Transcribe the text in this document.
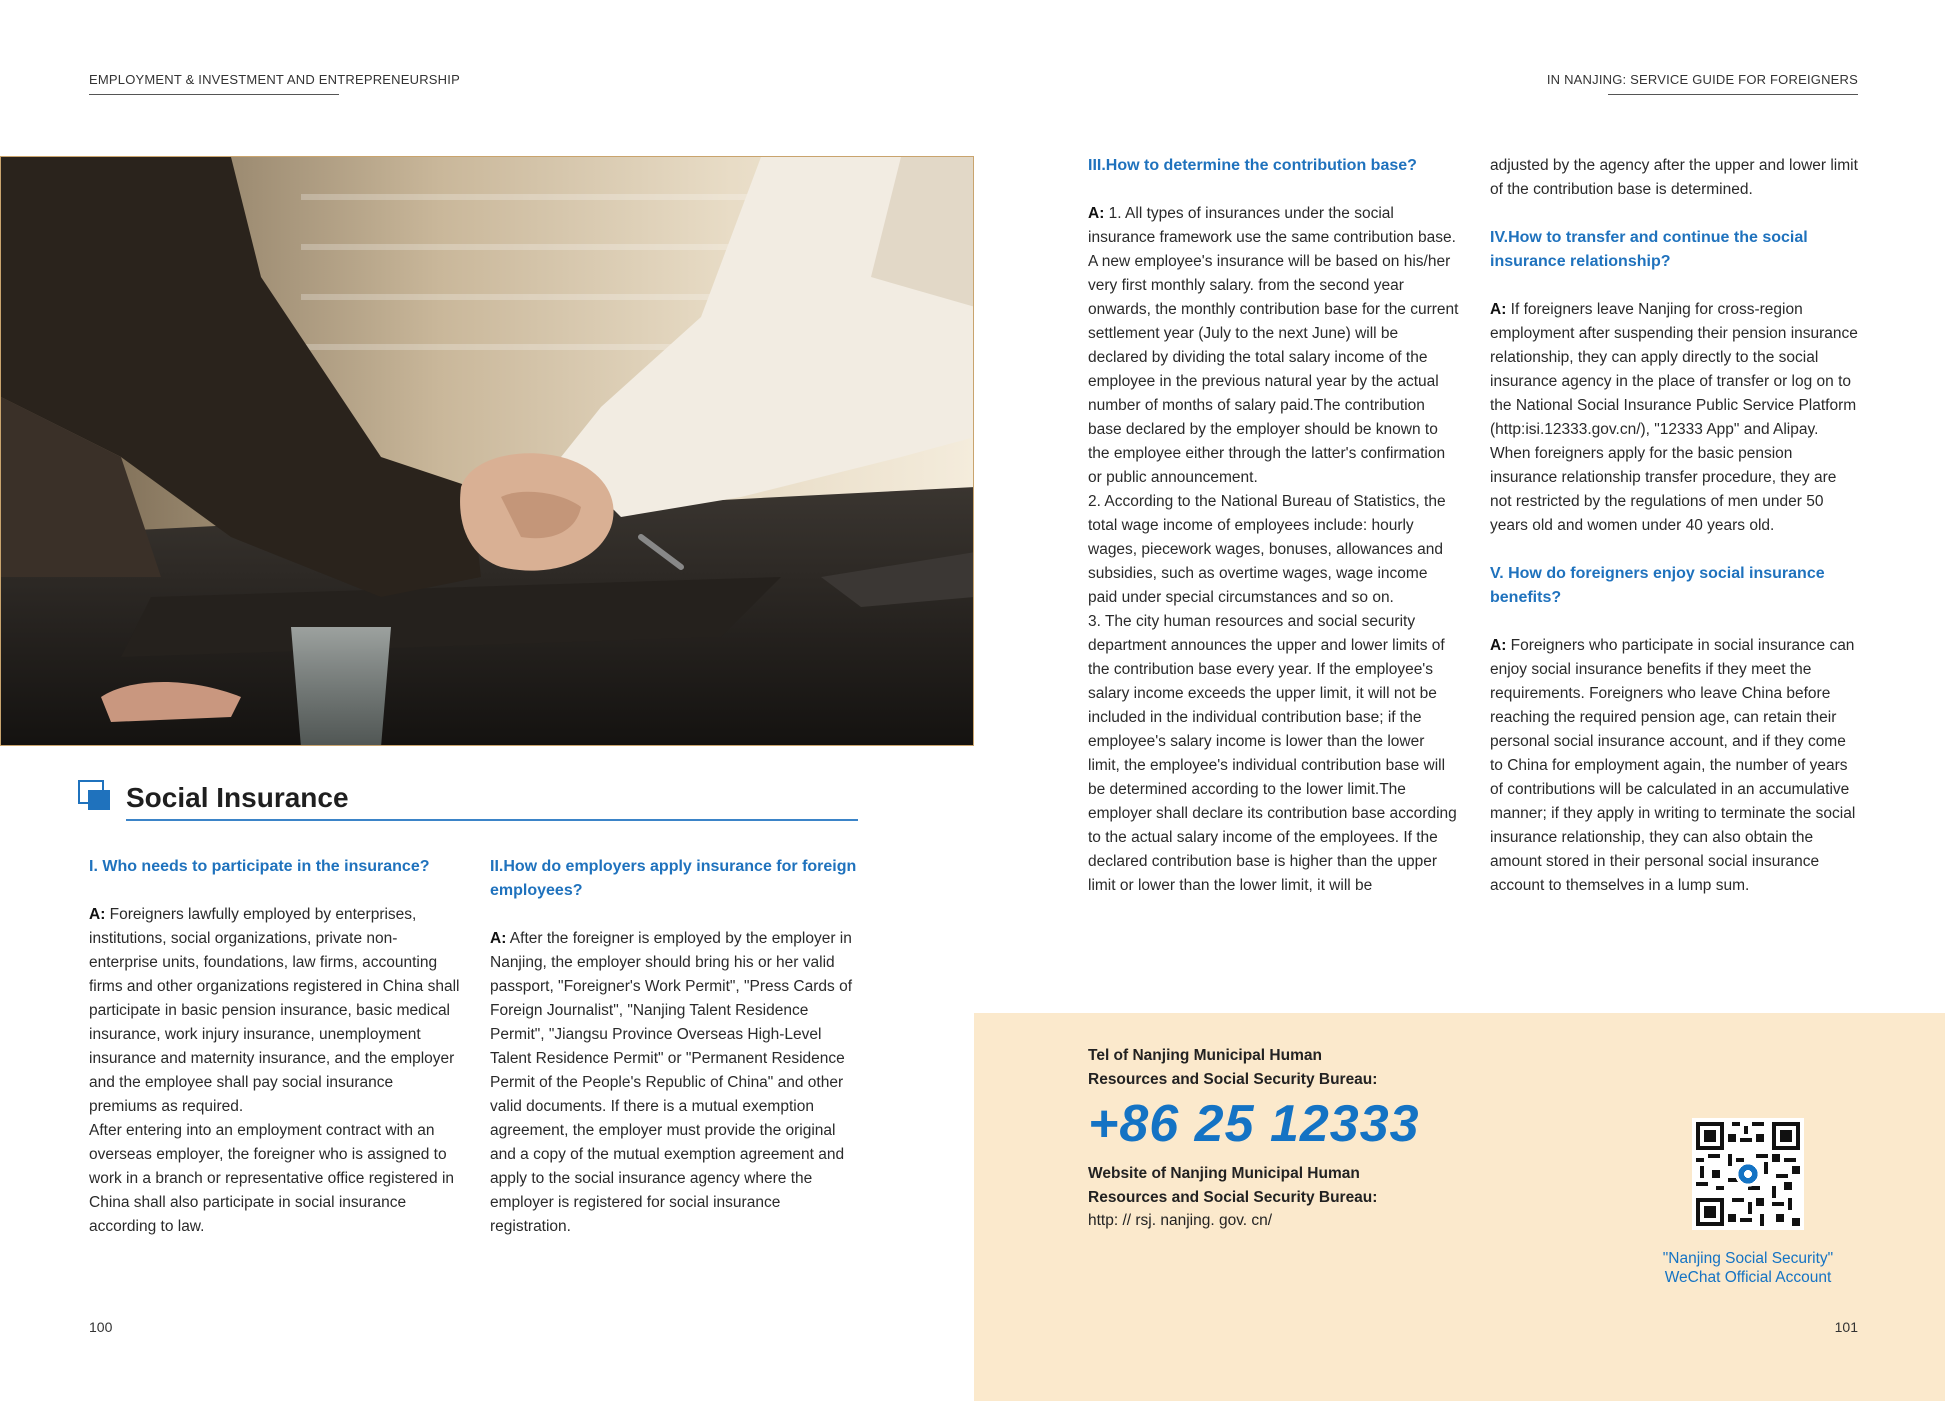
EMPLOYMENT & INVESTMENT AND ENTREPRENEURSHIP	IN NANJING: SERVICE GUIDE FOR FOREIGNERS
Social Insurance
I. Who needs to participate in the insurance?

A: Foreigners lawfully employed by enterprises, institutions, social organizations, private non-enterprise units, foundations, law firms, accounting firms and other organizations registered in China shall participate in basic pension insurance, basic medical insurance, work injury insurance, unemployment insurance and maternity insurance, and the employer and the employee shall pay social insurance premiums as required.

After entering into an employment contract with an overseas employer, the foreigner who is assigned to work in a branch or representative office registered in China shall also participate in social insurance according to law.

II.How do employers apply insurance for foreign employees?

A: After the foreigner is employed by the employer in Nanjing, the employer should bring his or her valid passport, "Foreigner's Work Permit", "Press Cards of Foreign Journalist", "Nanjing Talent Residence Permit", "Jiangsu Province Overseas High-Level Talent Residence Permit" or "Permanent Residence Permit of the People's Republic of China" and other valid documents. If there is a mutual exemption agreement, the employer must provide the original and a copy of the mutual exemption agreement and apply to the social insurance agency where the employer is registered for social insurance registration.

III.How to determine the contribution base?

A: 1. All types of insurances under the social insurance framework use the same contribution base. A new employee's insurance will be based on his/her very first monthly salary. from the second year onwards, the monthly contribution base for the current settlement year (July to the next June) will be declared by dividing the total salary income of the employee in the previous natural year by the actual number of months of salary paid.The contribution base declared by the employer should be known to the employee either through the latter's confirmation or public announcement.

2. According to the National Bureau of Statistics, the total wage income of employees include: hourly wages, piecework wages, bonuses, allowances and subsidies, such as overtime wages, wage income paid under special circumstances and so on.

3. The city human resources and social security department announces the upper and lower limits of the contribution base every year. If the employee's salary income exceeds the upper limit, it will not be included in the individual contribution base; if the employee's salary income is lower than the lower limit, the employee's individual contribution base will be determined according to the lower limit.The employer shall declare its contribution base according to the actual salary income of the employees. If the declared contribution base is higher than the upper limit or lower than the lower limit, it will be

adjusted by the agency after the upper and lower limit of the contribution base is determined.

IV.How to transfer and continue the social insurance relationship?

A: If foreigners leave Nanjing for cross-region employment after suspending their pension insurance relationship, they can apply directly to the social insurance agency in the place of transfer or log on to the National Social Insurance Public Service Platform (http:isi.12333.gov.cn/), "12333 App" and Alipay. When foreigners apply for the basic pension insurance relationship transfer procedure, they are not restricted by the regulations of men under 50 years old and women under 40 years old.

V. How do foreigners enjoy social insurance benefits?

A: Foreigners who participate in social insurance can enjoy social insurance benefits if they meet the requirements. Foreigners who leave China before reaching the required pension age, can retain their personal social insurance account, and if they come to China for employment again, the number of years of contributions will be calculated in an accumulative manner; if they apply in writing to terminate the social insurance relationship, they can also obtain the amount stored in their personal social insurance account to themselves in a lump sum.

Tel of Nanjing Municipal Human
Resources and Social Security Bureau:
+86 25 12333
Website of Nanjing Municipal Human
Resources and Social Security Bureau:
http: // rsj. nanjing. gov. cn/
"Nanjing Social Security"
WeChat Official Account
100	101
